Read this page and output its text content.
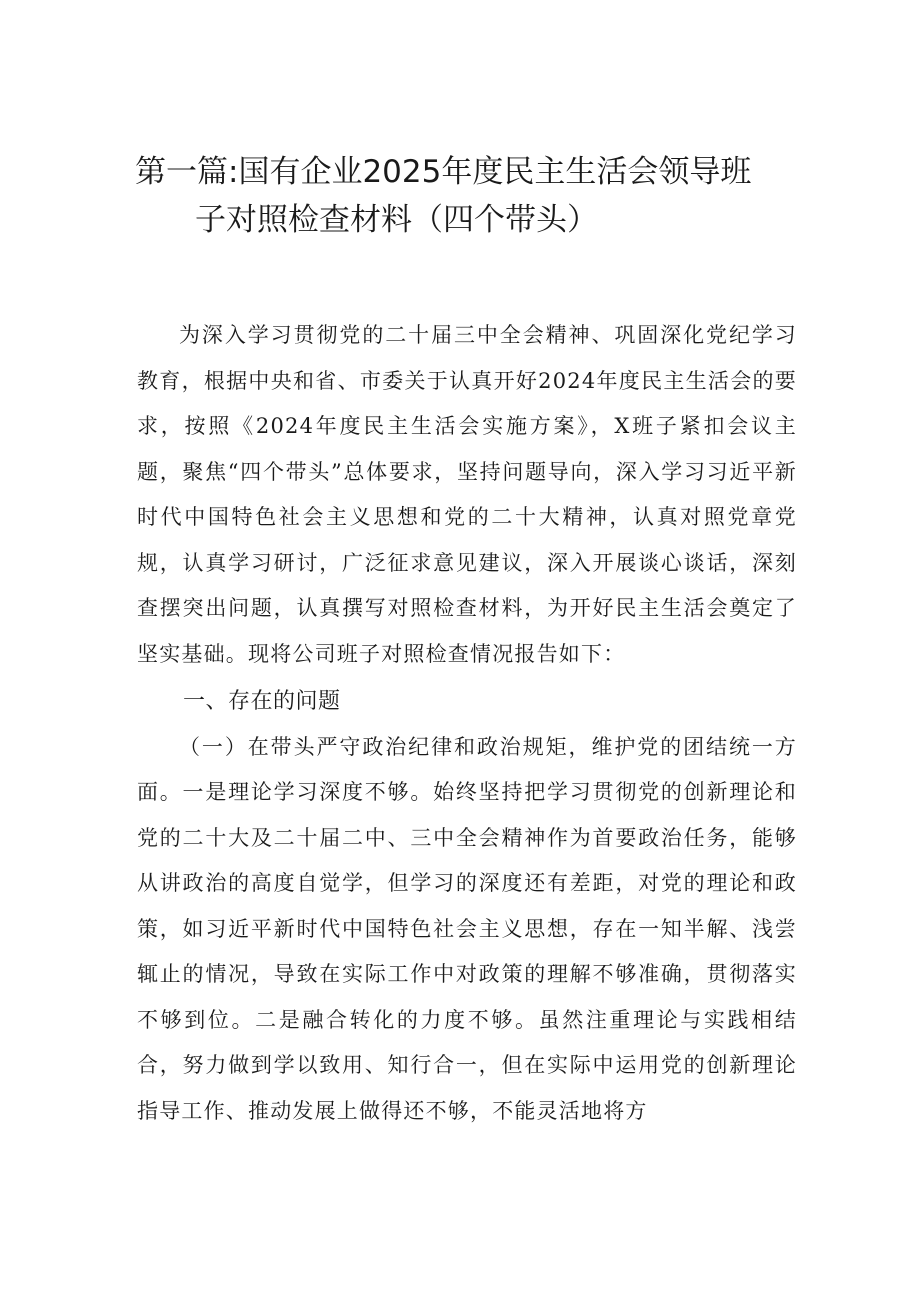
第一篇:国有企业2025年度民主生活会领导班
子对照检查材料（四个带头）

为深入学习贯彻党的二十届三中全会精神、巩固深化党纪学习教育，根据中央和省、市委关于认真开好2024年度民主生活会的要求，按照《2024年度民主生活会实施方案》，X班子紧扣会议主题，聚焦“四个带头”总体要求，坚持问题导向，深入学习习近平新时代中国特色社会主义思想和党的二十大精神，认真对照党章党规，认真学习研讨，广泛征求意见建议，深入开展谈心谈话，深刻查摆突出问题，认真撰写对照检查材料，为开好民主生活会奠定了坚实基础。现将公司班子对照检查情况报告如下：

一、存在的问题

（一）在带头严守政治纪律和政治规矩，维护党的团结统一方面。一是理论学习深度不够。始终坚持把学习贯彻党的创新理论和党的二十大及二十届二中、三中全会精神作为首要政治任务，能够从讲政治的高度自觉学，但学习的深度还有差距，对党的理论和政策，如习近平新时代中国特色社会主义思想，存在一知半解、浅尝辄止的情况，导致在实际工作中对政策的理解不够准确，贯彻落实不够到位。二是融合转化的力度不够。虽然注重理论与实践相结合，努力做到学以致用、知行合一，但在实际中运用党的创新理论指导工作、推动发展上做得还不够，不能灵活地将方
